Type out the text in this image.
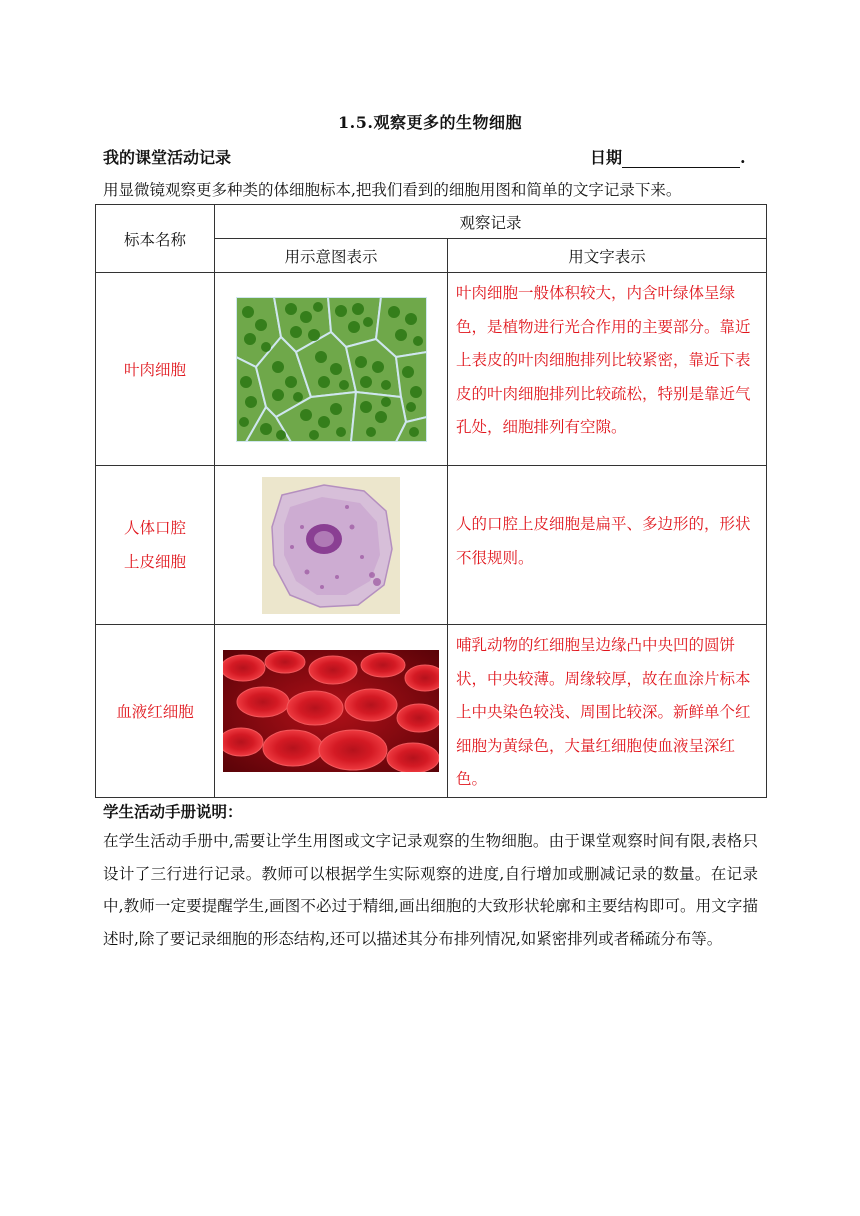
1.5.观察更多的生物细胞
我的课堂活动记录	日期	.
用显微镜观察更多种类的体细胞标本,把我们看到的细胞用图和简单的文字记录下来。
标本名称	观察记录	
	用示意图表示	用文字表示
叶肉细胞		叶肉细胞一般体积较大，内含叶绿体呈绿色，是植物进行光合作用的主要部分。靠近上表皮的叶肉细胞排列比较紧密，靠近下表皮的叶肉细胞排列比较疏松，特别是靠近气孔处，细胞排列有空隙。
人体口腔
上皮细胞		人的口腔上皮细胞是扁平、多边形的，形状不很规则。
血液红细胞		哺乳动物的红细胞呈边缘凸中央凹的圆饼状，中央较薄。周缘较厚，故在血涂片标本上中央染色较浅、周围比较深。新鲜单个红细胞为黄绿色，大量红细胞使血液呈深红色。
学生活动手册说明：
在学生活动手册中,需要让学生用图或文字记录观察的生物细胞。由于课堂观察时间有限,表格只设计了三行进行记录。教师可以根据学生实际观察的进度,自行增加或删减记录的数量。在记录中,教师一定要提醒学生,画图不必过于精细,画出细胞的大致形状轮廓和主要结构即可。用文字描述时,除了要记录细胞的形态结构,还可以描述其分布排列情况,如紧密排列或者稀疏分布等。
